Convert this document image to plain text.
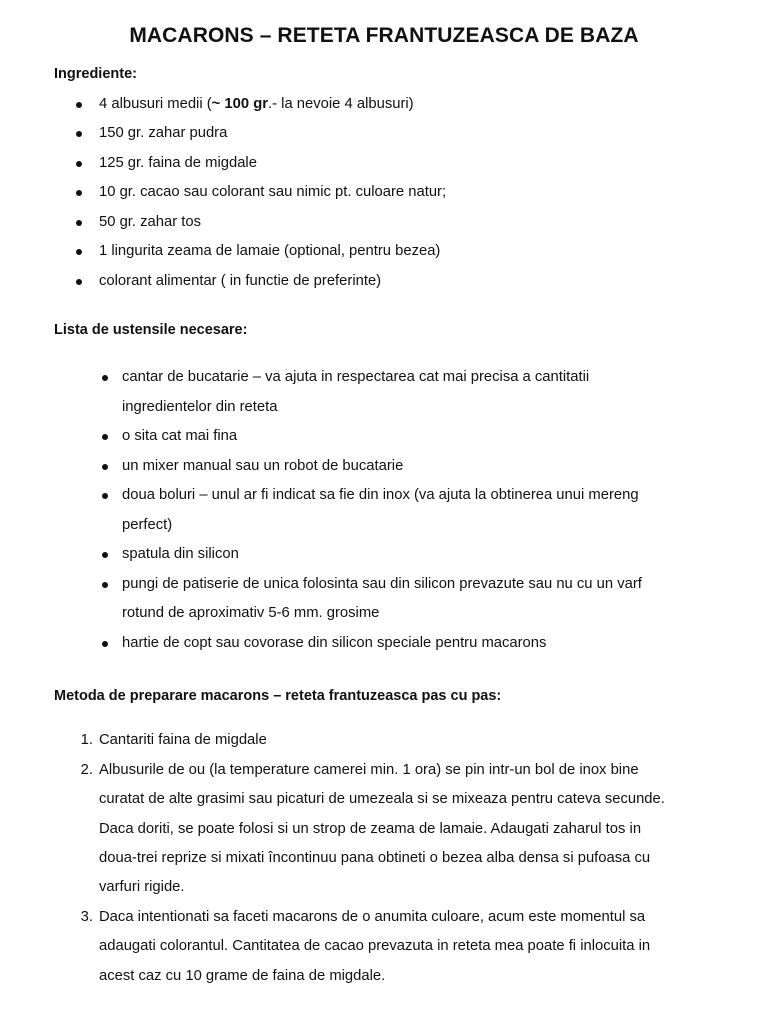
MACARONS – RETETA FRANTUZEASCA DE BAZA
Ingrediente:
4 albusuri medii (~ 100 gr.- la nevoie 4 albusuri)
150 gr. zahar pudra
125 gr. faina de migdale
10 gr. cacao sau colorant sau nimic pt. culoare natur;
50 gr. zahar tos
1 lingurita zeama de lamaie (optional, pentru bezea)
colorant alimentar ( in functie de preferinte)
Lista de ustensile necesare:
cantar de bucatarie – va ajuta in respectarea cat mai precisa a cantitatii
ingredientelor din reteta
o sita cat mai fina
un mixer manual sau un robot de bucatarie
doua boluri – unul ar fi indicat sa fie din inox (va ajuta la obtinerea unui mereng
perfect)
spatula din silicon
pungi de patiserie de unica folosinta sau din silicon prevazute sau nu cu un varf
rotund de aproximativ 5-6 mm. grosime
hartie de copt sau covorase din silicon speciale pentru macarons
Metoda de preparare macarons – reteta frantuzeasca pas cu pas:
1. Cantariti faina de migdale
2. Albusurile de ou (la temperature camerei min. 1 ora) se pin intr-un bol de inox bine
curatat de alte grasimi sau picaturi de umezeala si se mixeaza pentru cateva secunde.
Daca doriti, se poate folosi si un strop de zeama de lamaie. Adaugati zaharul tos in
doua-trei reprize si mixati încontinuu pana obtineti o bezea alba densa si pufoasa cu
varfuri rigide.
3. Daca intentionati sa faceti macarons de o anumita culoare, acum este momentul sa
adaugati colorantul. Cantitatea de cacao prevazuta in reteta mea poate fi inlocuita in
acest caz cu 10 grame de faina de migdale.
